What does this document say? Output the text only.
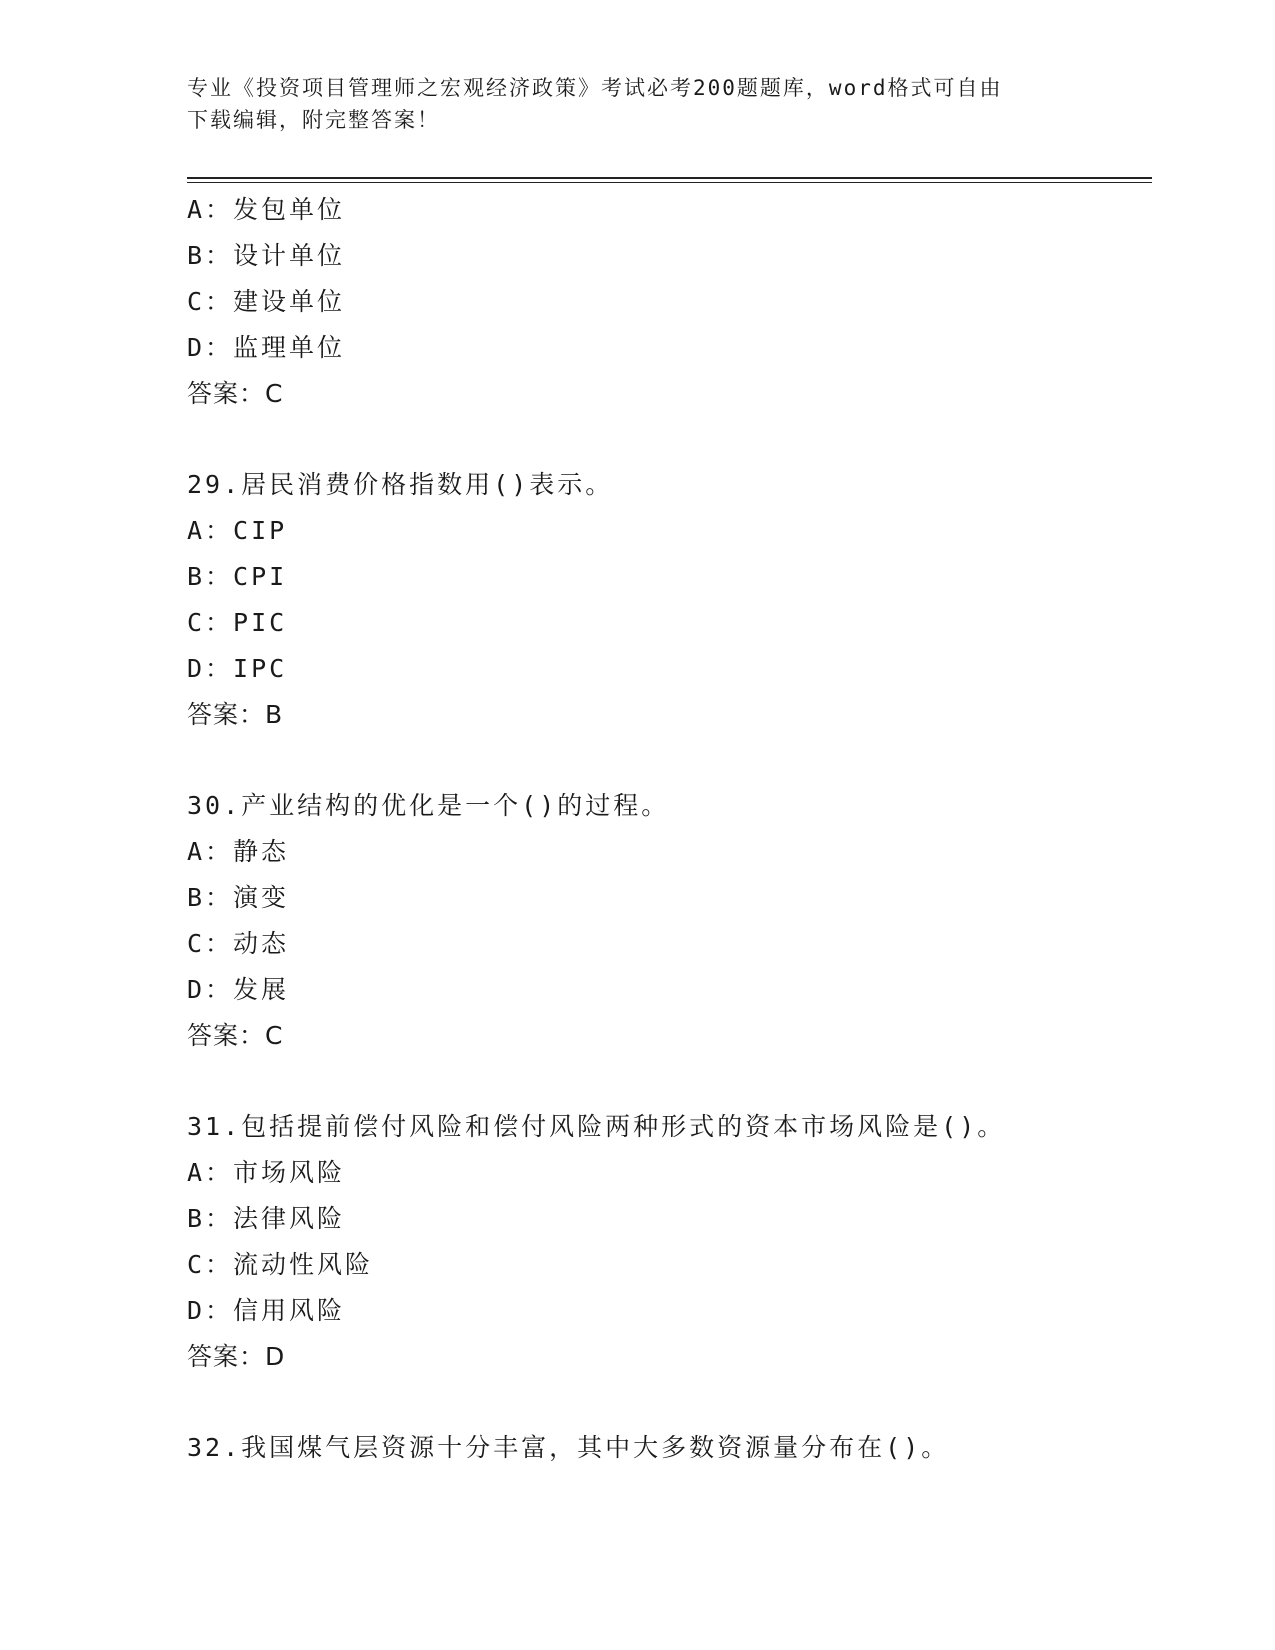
专业《投资项目管理师之宏观经济政策》考试必考200题题库，word格式可自由
下载编辑，附完整答案！
A：发包单位
B：设计单位
C：建设单位
D：监理单位
答案：C
29.居民消费价格指数用()表示。
A：CIP
B：CPI
C：PIC
D：IPC
答案：B
30.产业结构的优化是一个()的过程。
A：静态
B：演变
C：动态
D：发展
答案：C
31.包括提前偿付风险和偿付风险两种形式的资本市场风险是()。
A：市场风险
B：法律风险
C：流动性风险
D：信用风险
答案：D
32.我国煤气层资源十分丰富，其中大多数资源量分布在()。
